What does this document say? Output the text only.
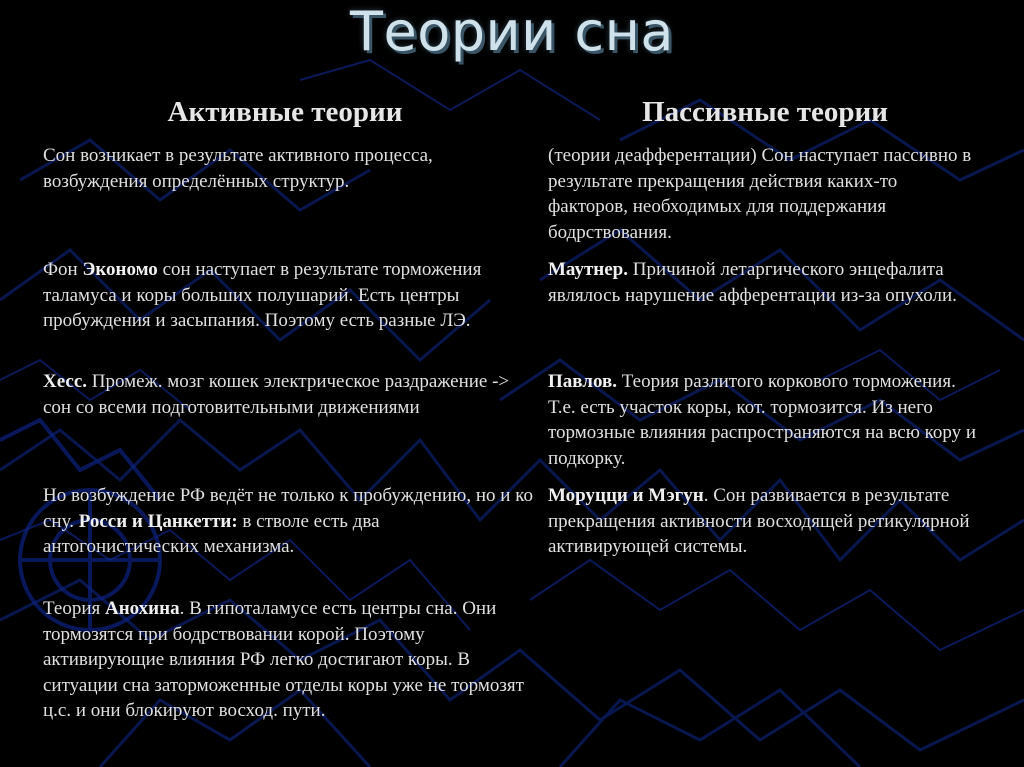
Теории сна
Активные теории	Пассивные теории
Сон возникает в результате активного процесса, возбуждения определённых структур.
Фон Экономо сон наступает в результате торможения таламуса и коры больших полушарий. Есть центры пробуждения и засыпания. Поэтому есть разные ЛЭ.
Хесс. Промеж. мозг кошек электрическое раздражение -> сон со всеми подготовительными движениями
Но возбуждение РФ ведёт не только к пробуждению, но и ко сну. Росси и Цанкетти: в стволе есть два антогонистических механизма.
Теория Анохина. В гипоталамусе есть центры сна. Они тормозятся при бодрствовании корой. Поэтому активирующие влияния РФ легко достигают коры. В ситуации сна заторможенные отделы коры уже не тормозят ц.с. и они блокируют восход. пути.
(теории деафферентации) Сон наступает пассивно в результате прекращения действия каких-то факторов, необходимых для поддержания бодрствования.
Маутнер. Причиной летаргического энцефалита являлось нарушение афферентации из-за опухоли.
Павлов. Теория разлитого коркового торможения. Т.е. есть участок коры, кот. тормозится. Из него тормозные влияния распространяются на всю кору и подкорку.
Моруцци и Мэгун. Сон развивается в результате прекращения активности восходящей ретикулярной активирующей системы.
